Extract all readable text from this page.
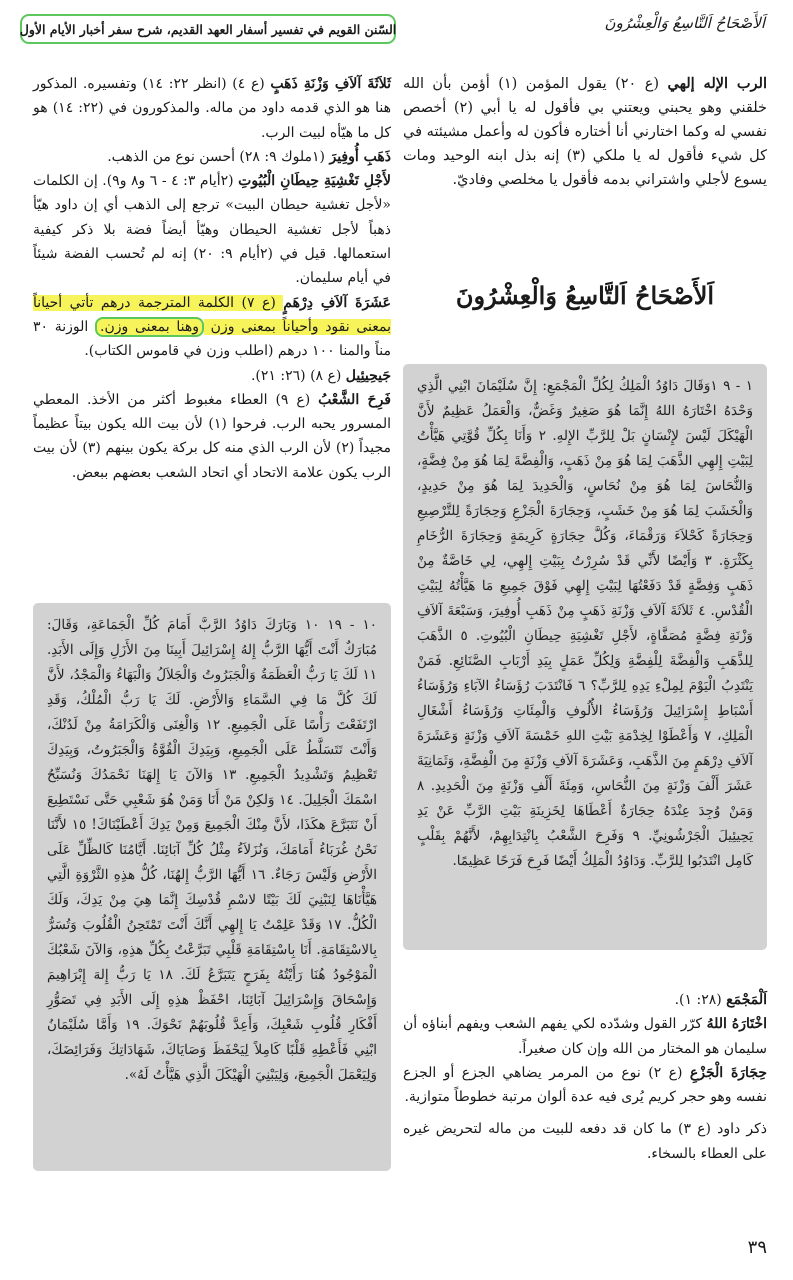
اَلأَصْحَاحُ اَلتَّاسِعُ وَالْعِشْرُونَ
السّنن القويم في تفسير أسفار العهد القديم، شرح سفر أخبار الأيام الأول

الرب الإله إلهي (ع ٢٠) يقول المؤمن (١) أؤمن بأن الله خلقني وهو يحبني ويعتني بي فأقول له يا أبي (٢) أخصص نفسي له وكما اختارني أنا أختاره فأكون له وأعمل مشيئته في كل شيء فأقول له يا ملكي (٣) إنه بذل ابنه الوحيد ومات يسوع لأجلي واشتراني بدمه فأقول يا مخلصي وفاديّ.

اَلأَصْحَاحُ اَلتَّاسِعُ وَالْعِشْرُونَ
١ - ٩ ١وَقَالَ دَاوُدُ الْمَلِكُ لِكُلِّ الْمَجْمَعِ: إِنَّ سُلَيْمَانَ ابْنِي الَّذِي وَحْدَهُ اخْتَارَهُ اللهُ إِنَّمَا هُوَ صَغِيرٌ وَغَضٌّ، وَالْعَمَلُ عَظِيمٌ لأَنَّ الْهَيْكَلَ لَيْسَ لإِنْسَانٍ بَلْ لِلرَّبِّ الإِلهِ. ٢ وَأَنَا بِكُلِّ قُوَّتِي هَيَّأْتُ لِبَيْتِ إِلهِي الذَّهَبَ لِمَا هُوَ مِنْ ذَهَبٍ، وَالْفِضَّةَ لِمَا هُوَ مِنْ فِضَّةٍ، وَالنُّحَاسَ لِمَا هُوَ مِنْ نُحَاسٍ، وَالْحَدِيدَ لِمَا هُوَ مِنْ حَدِيدٍ، وَالْخَشَبَ لِمَا هُوَ مِنْ خَشَبٍ، وَحِجَارَةَ الْجَزْعِ وَحِجَارَةً لِلتَّرْصِيعِ وَحِجَارَةً كَحْلاَءَ وَرَقْمَاءَ، وَكُلَّ حِجَارَةٍ كَرِيمَةٍ وَحِجَارَةَ الرُّخَامِ بِكَثْرَةٍ. ٣ وَأَيْضًا لأَنِّي قَدْ سُرِرْتُ بِبَيْتِ إِلهِي، لِي خَاصَّةٌ مِنْ ذَهَبٍ وَفِضَّةٍ قَدْ دَفَعْتُهَا لِبَيْتِ إِلهِي فَوْقَ جَمِيعِ مَا هَيَّأْتُهُ لِبَيْتِ الْقُدْسِ. ٤ ثَلاَثَةَ آلاَفِ وَزْنَةِ ذَهَبٍ مِنْ ذَهَبِ أُوفِيرَ، وَسَبْعَةَ آلاَفِ وَزْنَةِ فِضَّةٍ مُصَفَّاةٍ، لأَجْلِ تَغْشِيَةِ حِيطَانِ الْبُيُوتِ. ٥ الذَّهَبَ لِلذَّهَبِ وَالْفِضَّةَ لِلْفِضَّةِ وَلِكُلِّ عَمَلٍ بِيَدِ أَرْبَابِ الصَّنَائِعِ. فَمَنْ يَنْتَدِبُ الْيَوْمَ لِمِلْءِ يَدِهِ لِلرَّبِّ؟ ٦ فَانْتَدَبَ رُؤَسَاءُ الآبَاءِ وَرُؤَسَاءُ أَسْبَاطِ إِسْرَائِيلَ وَرُؤَسَاءُ الأُلُوفِ وَالْمِئَاتِ وَرُؤَسَاءُ أَشْغَالِ الْمَلِكِ، ٧ وَأَعْطَوْا لِخِدْمَةِ بَيْتِ اللهِ خَمْسَةَ آلاَفِ وَزْنَةٍ وَعَشَرَةَ آلاَفِ دِرْهَمٍ مِنَ الذَّهَبِ، وَعَشَرَةَ آلاَفِ وَزْنَةٍ مِنَ الْفِضَّةِ، وَثَمَانِيَةَ عَشَرَ أَلْفَ وَزْنَةٍ مِنَ النُّحَاسِ، وَمِئَةَ أَلْفِ وَزْنَةٍ مِنَ الْحَدِيدِ. ٨ وَمَنْ وُجِدَ عِنْدَهُ حِجَارَةٌ أَعْطَاهَا لِخَزِينَةِ بَيْتِ الرَّبِّ عَنْ يَدِ يَحِيئِيلَ الْجَرْشُونِيِّ. ٩ وَفَرِحَ الشَّعْبُ بِانْتِدَابِهِمْ، لأَنَّهُمْ بِقَلْبٍ كَامِل انْتَدَبُوا لِلرَّبِّ. وَدَاوُدُ الْمَلِكُ أَيْضًا فَرِحَ فَرَحًا عَظِيمًا.

اَلْمَجْمَع (٢٨: ١).

اخْتَارَهُ اللهُ كرّر القول وشدّده لكي يفهم الشعب ويفهم أبناؤه أن سليمان هو المختار من الله وإن كان صغيراً.

حِجَارَةَ الْجَزْعِ (ع ٢) نوع من المرمر يضاهي الجزع أو الجزع نفسه وهو حجر كريم يُرى فيه عدة ألوان مرتبة خطوطاً متوازية.

ذكر داود (ع ٣) ما كان قد دفعه للبيت من ماله لتحريض غيره على العطاء بالسخاء.

ثَلاَثَةَ آلاَفِ وَزْنَةِ ذَهَبٍ (ع ٤) (انظر ٢٢: ١٤) وتفسيره. المذكور هنا هو الذي قدمه داود من ماله. والمذكورون في (٢٢: ١٤) هو كل ما هيّأه لبيت الرب.

ذَهَبِ أُوفِيرَ (١ملوك ٩: ٢٨) أحسن نوع من الذهب.

لأَجْلِ تَغْشِيَةِ حِيطَانِ الْبُيُوتِ (٢أيام ٣: ٤ - ٦ و٨ و٩). إن الكلمات «لأجل تغشية حيطان البيت» ترجع إلى الذهب أي إن داود هيّأ ذهباً لأجل تغشية الحيطان وهيّأ أيضاً فضة بلا ذكر كيفية استعمالها. قيل في (٢أيام ٩: ٢٠) إنه لم تُحسب الفضة شيئاً في أيام سليمان.

عَشَرَةَ آلاَفِ دِرْهَمٍ (ع ٧) الكلمة المترجمة درهم تأتي أحياناً بمعنى نقود وأحياناً بمعنى وزن وهنا بمعنى وزن. الوزنة ٣٠ مناً والمنا ١٠٠ درهم (اطلب وزن في قاموس الكتاب).

جَيحِيئِيل (ع ٨) (٢٦: ٢١).

فَرِحَ الشَّعْبُ (ع ٩) العطاء مغبوط أكثر من الأخذ. المعطي المسرور يحبه الرب. فرحوا (١) لأن بيت الله يكون بيتاً عظيماً مجيداً (٢) لأن الرب الذي منه كل بركة يكون بينهم (٣) لأن بيت الرب يكون علامة الاتحاد أي اتحاد الشعب بعضهم ببعض.

١٠ - ١٩ ١٠ وَبَارَكَ دَاوُدُ الرَّبَّ أَمَامَ كُلِّ الْجَمَاعَةِ، وَقَالَ: مُبَارَكٌ أَنْتَ أَيُّهَا الرَّبُّ إِلهُ إِسْرَائِيلَ أَبِينَا مِنَ الأَزَلِ وَإِلَى الأَبَدِ. ١١ لَكَ يَا رَبُّ الْعَظَمَةُ وَالْجَبَرُوتُ وَالْجَلاَلُ وَالْبَهَاءُ وَالْمَجْدُ، لأَنَّ لَكَ كُلَّ مَا فِي السَّمَاءِ وَالأَرْضِ. لَكَ يَا رَبُّ الْمُلْكُ، وَقَدِ ارْتَفَعْتَ رَأْسًا عَلَى الْجَمِيعِ. ١٢ وَالْغِنَى وَالْكَرَامَةُ مِنْ لَدُنْكَ، وَأَنْتَ تَتَسَلَّطُ عَلَى الْجَمِيعِ، وَبِيَدِكَ الْقُوَّةُ وَالْجَبَرُوتُ، وَبِيَدِكَ تَعْظِيمُ وَتَشْدِيدُ الْجَمِيعِ. ١٣ وَالآنَ يَا إِلهَنَا نَحْمَدُكَ وَنُسَبِّحُ اسْمَكَ الْجَلِيلَ. ١٤ وَلكِنْ مَنْ أَنَا وَمَنْ هُوَ شَعْبِي حَتَّى نَسْتَطِيعَ أَنْ نَتَبَرَّعَ هكَذَا، لأَنَّ مِنْكَ الْجَمِيعَ وَمِنْ يَدِكَ أَعْطَيْنَاكَ! ١٥ لأَنَّنَا نَحْنُ غُرَبَاءُ أَمَامَكَ، وَنُزَلاَءُ مِثْلُ كُلِّ آبَائِنَا. أَيَّامُنَا كَالظِّلِّ عَلَى الأَرْضِ وَلَيْسَ رَجَاءٌ. ١٦ أَيُّهَا الرَّبُّ إِلهُنَا، كُلُّ هذِهِ الثَّرْوَةِ الَّتِي هَيَّأْنَاهَا لِنَبْنِيَ لَكَ بَيْتًا لاسْمِ قُدْسِكَ إِنَّمَا هِيَ مِنْ يَدِكَ، وَلَكَ الْكُلُّ. ١٧ وَقَدْ عَلِمْتُ يَا إِلهِي أَنَّكَ أَنْتَ تَمْتَحِنُ الْقُلُوبَ وَتُسَرُّ بِالاسْتِقَامَةِ. أَنَا بِاسْتِقَامَةِ قَلْبِي تَبَرَّعْتُ بِكُلِّ هذِهِ، وَالآنَ شَعْبُكَ الْمَوْجُودُ هُنَا رَأَيْتُهُ بِفَرَحٍ يَتَبَرَّعُ لَكَ. ١٨ يَا رَبُّ إِلهَ إِبْرَاهِيمَ وَإِسْحَاقَ وَإِسْرَائِيلَ آبَائِنَا، احْفَظْ هذِهِ إِلَى الأَبَدِ فِي تَصَوُّرِ أَفْكَارِ قُلُوبِ شَعْبِكَ، وَأَعِدَّ قُلُوبَهُمْ نَحْوَكَ. ١٩ وَأَمَّا سُلَيْمَانُ ابْنِي فَأَعْطِهِ قَلْبًا كَامِلاً لِيَحْفَظَ وَصَايَاكَ، شَهَادَاتِكَ وَفَرَائِضَكَ، وَلِيَعْمَلَ الْجَمِيعَ، وَلِيَبْنِيَ الْهَيْكَلَ الَّذِي هَيَّأْتُ لَهُ».
٣٩
